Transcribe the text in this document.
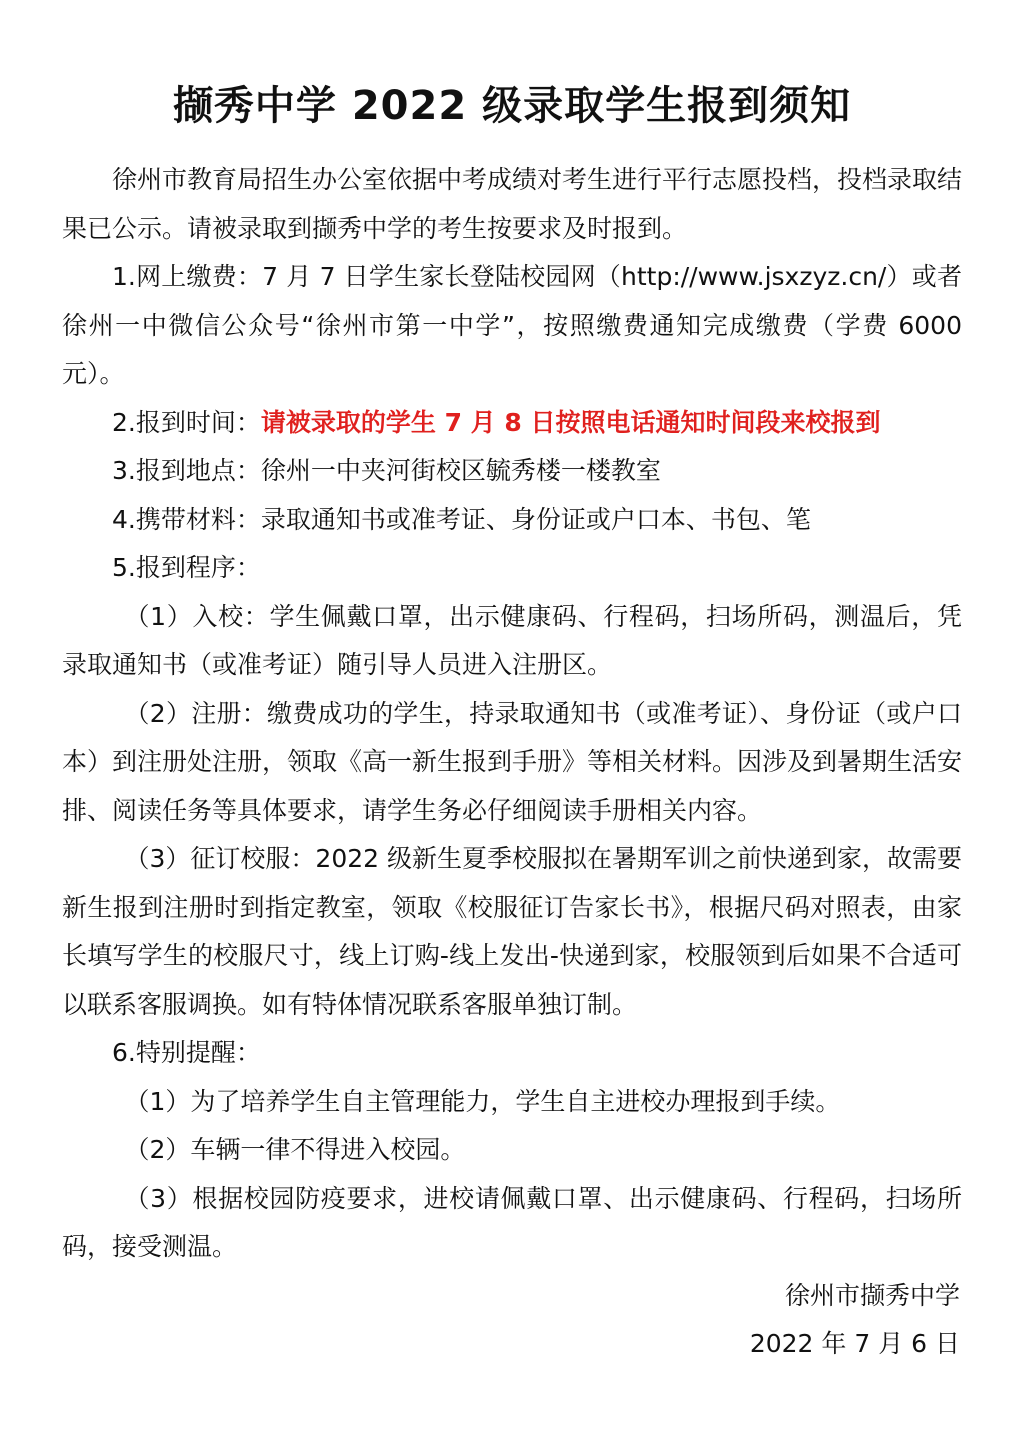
撷秀中学 2022 级录取学生报到须知

徐州市教育局招生办公室依据中考成绩对考生进行平行志愿投档，投档录取结果已公示。请被录取到撷秀中学的考生按要求及时报到。

1.网上缴费：7 月 7 日学生家长登陆校园网（http://www.jsxzyz.cn/）或者徐州一中微信公众号“徐州市第一中学”，按照缴费通知完成缴费（学费 6000 元）。

2.报到时间：请被录取的学生 7 月 8 日按照电话通知时间段来校报到

3.报到地点：徐州一中夹河街校区毓秀楼一楼教室

4.携带材料：录取通知书或准考证、身份证或户口本、书包、笔

5.报到程序：

（1）入校：学生佩戴口罩，出示健康码、行程码，扫场所码，测温后，凭录取通知书（或准考证）随引导人员进入注册区。

（2）注册：缴费成功的学生，持录取通知书（或准考证）、身份证（或户口本）到注册处注册，领取《高一新生报到手册》等相关材料。因涉及到暑期生活安排、阅读任务等具体要求，请学生务必仔细阅读手册相关内容。

（3）征订校服：2022 级新生夏季校服拟在暑期军训之前快递到家，故需要新生报到注册时到指定教室，领取《校服征订告家长书》，根据尺码对照表，由家长填写学生的校服尺寸，线上订购-线上发出-快递到家，校服领到后如果不合适可以联系客服调换。如有特体情况联系客服单独订制。

6.特别提醒：

（1）为了培养学生自主管理能力，学生自主进校办理报到手续。

（2）车辆一律不得进入校园。

（3）根据校园防疫要求，进校请佩戴口罩、出示健康码、行程码，扫场所码，接受测温。

徐州市撷秀中学

2022 年 7 月 6 日
